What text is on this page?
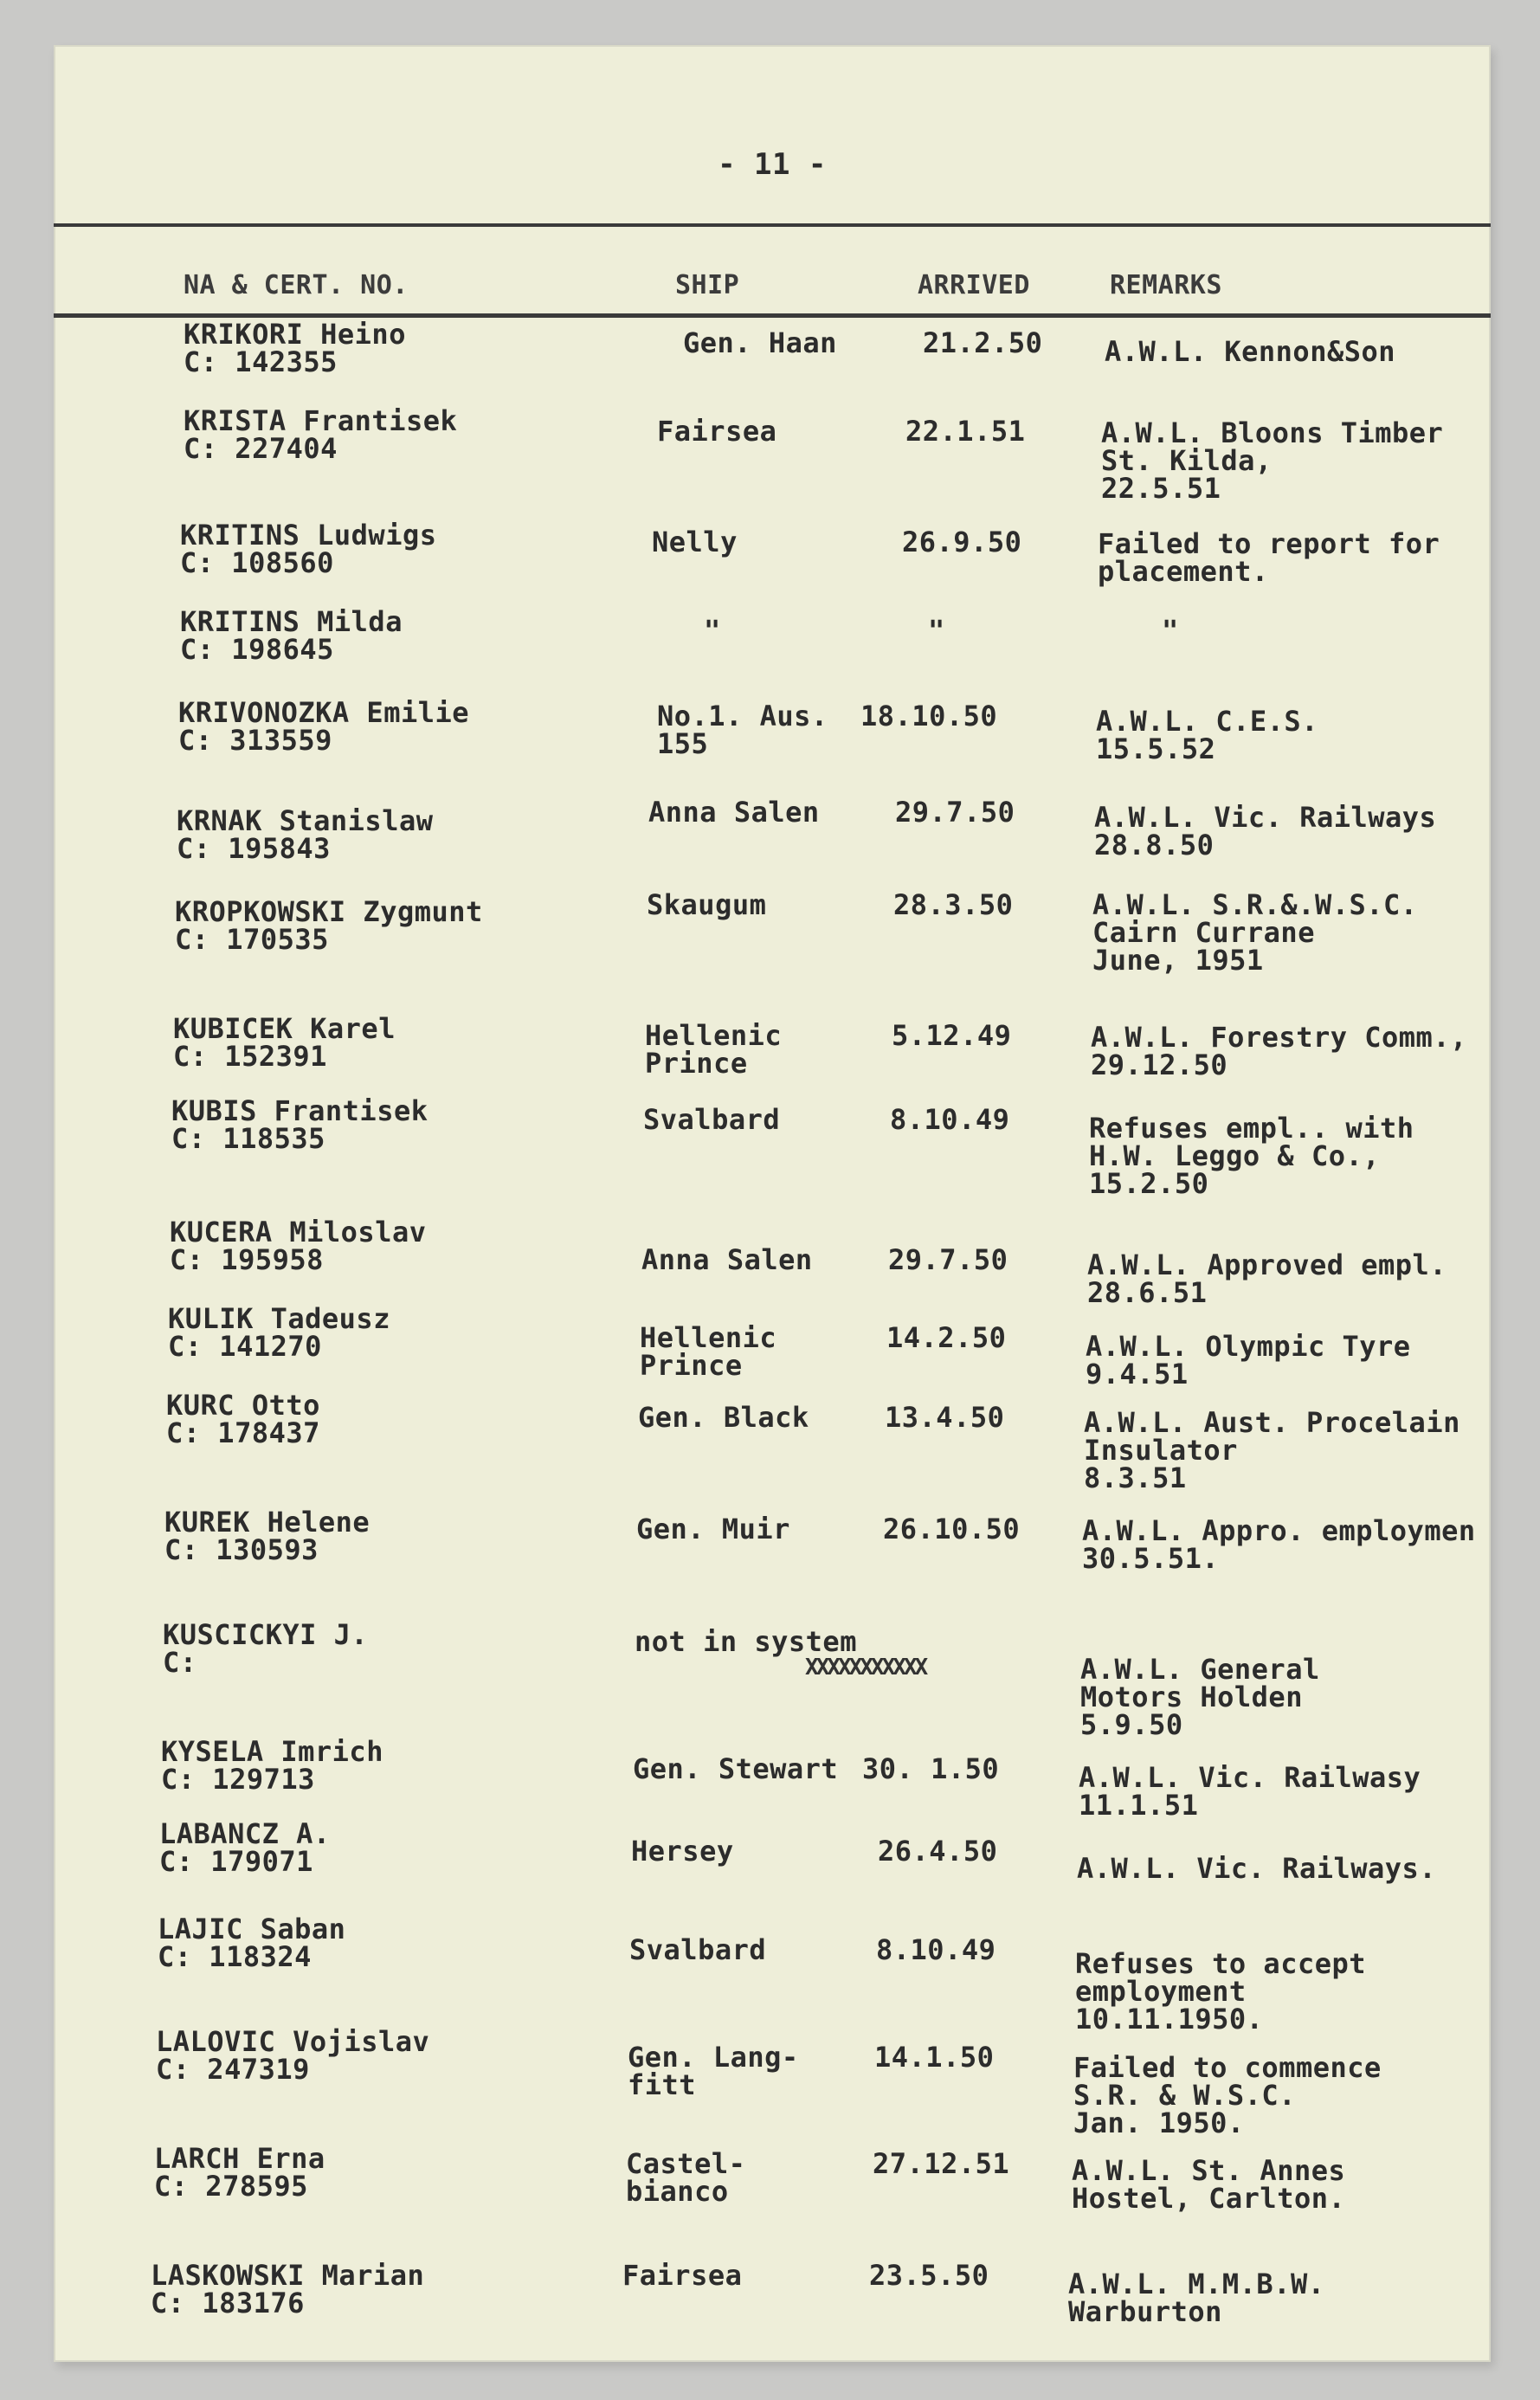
- 11 -
NA & CERT. NO.	SHIP	ARRIVED	REMARKS
XXXXXXXXXXX
KRIKORI Heino
C: 142355
Gen. Haan	21.2.50	A.W.L. Kennon&Son
KRISTA Frantisek
C: 227404
Fairsea	22.1.51	A.W.L. Bloons Timber
St. Kilda,
22.5.51
KRITINS Ludwigs
C: 108560
Nelly	26.9.50	Failed to report for
placement.
KRITINS Milda
C: 198645
"	"	"
KRIVONOZKA Emilie
C: 313559
No.1. Aus.
155
18.10.50	A.W.L. C.E.S.
15.5.52
KRNAK Stanislaw
C: 195843
Anna Salen	29.7.50	A.W.L. Vic. Railways
28.8.50
KROPKOWSKI Zygmunt
C: 170535
Skaugum	28.3.50	A.W.L. S.R.&.W.S.C.
Cairn Currane
June, 1951
KUBICEK Karel
C: 152391
Hellenic
Prince
5.12.49	A.W.L. Forestry Comm.,
29.12.50
KUBIS Frantisek
C: 118535
Svalbard	8.10.49	Refuses empl.. with
H.W. Leggo & Co.,
15.2.50
KUCERA Miloslav
C: 195958	Anna Salen	29.7.50	A.W.L. Approved empl.
28.6.51
KULIK Tadeusz
C: 141270	Hellenic
Prince
14.2.50	A.W.L. Olympic Tyre
9.4.51
KURC Otto
C: 178437	Gen. Black	13.4.50	A.W.L. Aust. Procelain
Insulator
8.3.51
KUREK Helene
C: 130593
Gen. Muir	26.10.50	A.W.L. Appro. employmen
30.5.51.
KUSCICKYI J.
C:
not in system
A.W.L. General
Motors Holden
5.9.50
KYSELA Imrich
C: 129713	Gen. Stewart 30. 1.50	A.W.L. Vic. Railwasy
11.1.51
LABANCZ A.
C: 179071	Hersey	26.4.50
A.W.L. Vic. Railways.
LAJIC Saban
C: 118324	Svalbard	8.10.49	Refuses to accept
employment
10.11.1950.
LALOVIC Vojislav
C: 247319	Gen. Lang-
fitt
14.1.50	Failed to commence
S.R. & W.S.C.
Jan. 1950.
LARCH Erna
C: 278595
Castel-
bianco
27.12.51	A.W.L. St. Annes
Hostel, Carlton.
LASKOWSKI Marian
C: 183176
Fairsea	23.5.50	A.W.L. M.M.B.W.
Warburton
